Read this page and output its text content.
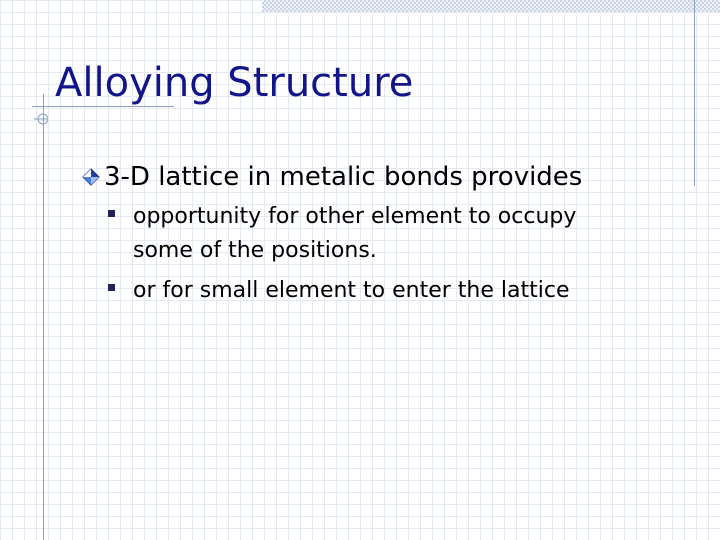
Alloying Structure
3-D lattice in metalic bonds provides

opportunity for other element to occupy

some of the positions.

or for small element to enter the lattice
